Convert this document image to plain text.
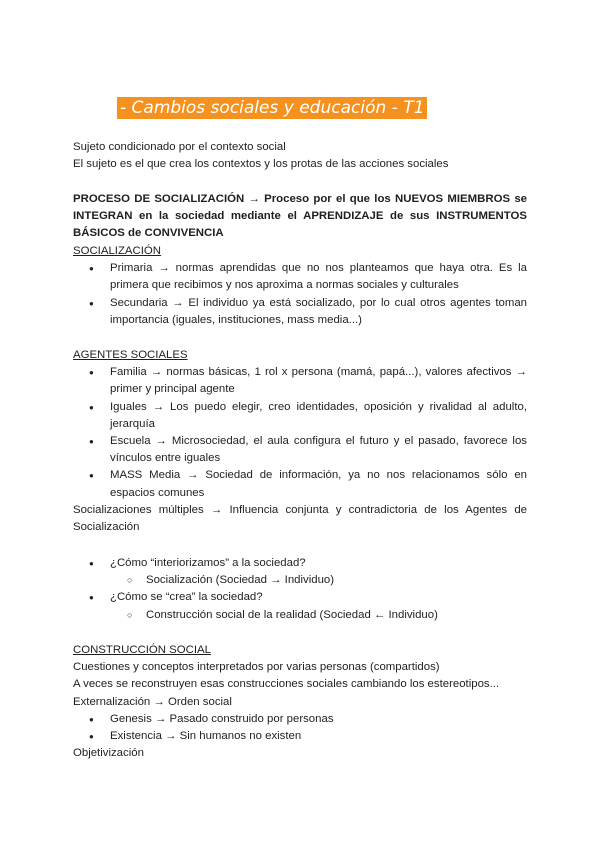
- Cambios sociales y educación - T1

Sujeto condicionado por el contexto social

El sujeto es el que crea los contextos y los protas de las acciones sociales

PROCESO DE SOCIALIZACIÓN → Proceso por el que los NUEVOS MIEMBROS se INTEGRAN en la sociedad mediante el APRENDIZAJE de sus INSTRUMENTOS BÁSICOS de CONVIVENCIA

SOCIALIZACIÓN

● Primaria → normas aprendidas que no nos planteamos que haya otra. Es la primera que recibimos y nos aproxima a normas sociales y culturales
● Secundaria → El individuo ya está socializado, por lo cual otros agentes toman importancia (iguales, instituciones, mass media...)

AGENTES SOCIALES

● Familia → normas básicas, 1 rol x persona (mamá, papá...), valores afectivos → primer y principal agente
● Iguales → Los puedo elegir, creo identidades, oposición y rivalidad al adulto, jerarquía
● Escuela → Microsociedad, el aula configura el futuro y el pasado, favorece los vínculos entre iguales
● MASS Media → Sociedad de información, ya no nos relacionamos sólo en espacios comunes

Socializaciones múltiples → Influencia conjunta y contradictoria de los Agentes de Socialización

● ¿Cómo “interiorizamos” a la sociedad?
○ Socialización (Sociedad → Individuo)
● ¿Cómo se “crea” la sociedad?
○ Construcción social de la realidad (Sociedad ← Individuo)

CONSTRUCCIÓN SOCIAL

Cuestiones y conceptos interpretados por varias personas (compartidos)

A veces se reconstruyen esas construcciones sociales cambiando los estereotipos...

Externalización → Orden social

● Genesis → Pasado construido por personas
● Existencia → Sin humanos no existen

Objetivización
